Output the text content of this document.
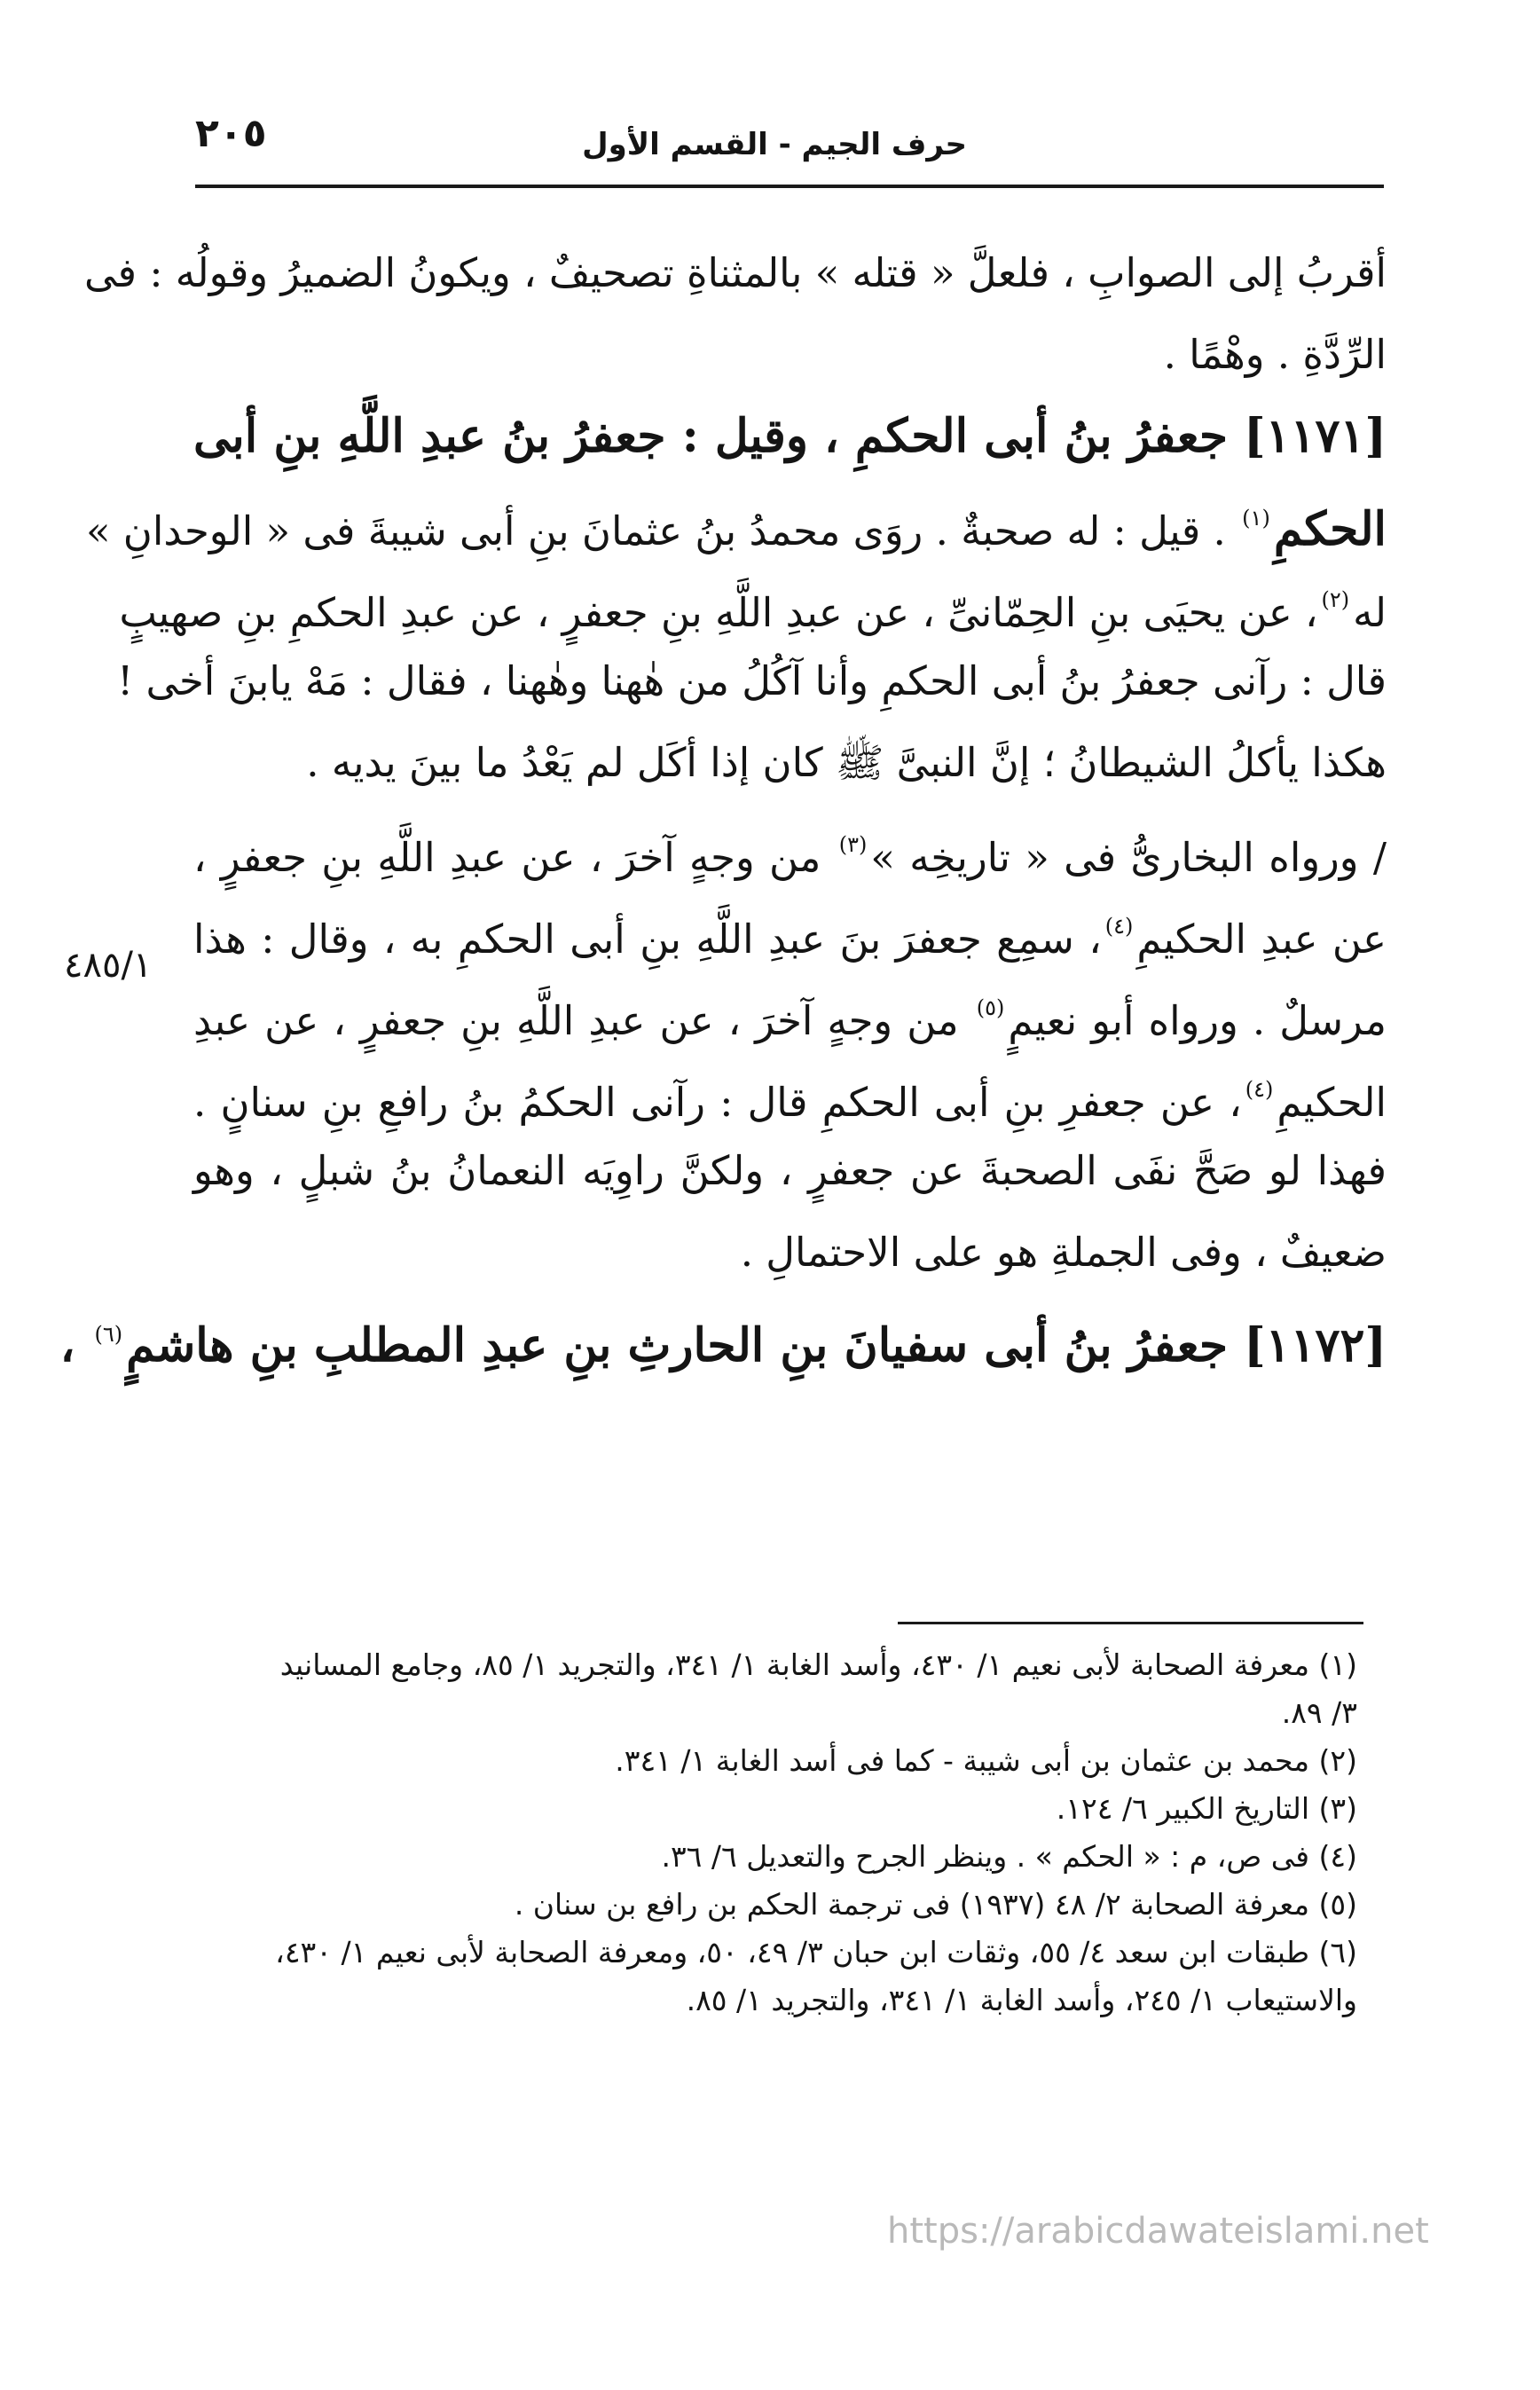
٢٠٥	حرف الجيم - القسم الأول
أقربُ إلى الصوابِ ، فلعلَّ « قتله » بالمثناةِ تصحيفٌ ، ويكونُ الضميرُ وقولُه : فى
الرِّدَّةِ . وهْمًا .
[١١٧١] جعفرُ بنُ أبى الحكمِ ، وقيل : جعفرُ بنُ عبدِ اللَّهِ بنِ أبى
الحكمِ$^{(١)}$ . قيل : له صحبةٌ . روَى محمدُ بنُ عثمانَ بنِ أبى شيبةَ فى « الوحدانِ »
له$^{(٢)}$، عن يحيَى بنِ الحِمّانىِّ ، عن عبدِ اللَّهِ بنِ جعفرٍ ، عن عبدِ الحكمِ بنِ صهيبٍ
قال : رآنى جعفرُ بنُ أبى الحكمِ وأنا آكُلُ من هٰهنا وهٰهنا ، فقال : مَهْ يابنَ أخى !
هكذا يأكلُ الشيطانُ ؛ إنَّ النبىَّ ﷺ كان إذا أكَل لم يَعْدُ ما بينَ يديه .
/ ورواه البخارىُّ فى « تاريخِه »$^{(٣)}$ من وجهٍ آخرَ ، عن عبدِ اللَّهِ بنِ جعفرٍ ،
عن عبدِ الحكيمِ$^{(٤)}$، سمِع جعفرَ بنَ عبدِ اللَّهِ بنِ أبى الحكمِ به ، وقال : هذا
مرسلٌ . ورواه أبو نعيمٍ$^{(٥)}$ من وجهٍ آخرَ ، عن عبدِ اللَّهِ بنِ جعفرٍ ، عن عبدِ
الحكيمِ$^{(٤)}$، عن جعفرِ بنِ أبى الحكمِ قال : رآنى الحكمُ بنُ رافعِ بنِ سنانٍ .
فهذا لو صَحَّ نفَى الصحبةَ عن جعفرٍ ، ولكنَّ راوِيَه النعمانُ بنُ شبلٍ ، وهو
ضعيفٌ ، وفى الجملةِ هو على الاحتمالِ .
[١١٧٢] جعفرُ بنُ أبى سفيانَ بنِ الحارثِ بنِ عبدِ المطلبِ بنِ هاشمٍ$^{(٦)}$ ،
٤٨٥/١
(١) معرفة الصحابة لأبى نعيم ١/ ٤٣٠، وأسد الغابة ١/ ٣٤١، والتجريد ١/ ٨٥، وجامع المسانيد
٣/ ٨٩.
(٢) محمد بن عثمان بن أبى شيبة - كما فى أسد الغابة ١/ ٣٤١.
(٣) التاريخ الكبير ٦/ ١٢٤.
(٤) فى ص، م : « الحكم » . وينظر الجرح والتعديل ٦/ ٣٦.
(٥) معرفة الصحابة ٢/ ٤٨ (١٩٣٧) فى ترجمة الحكم بن رافع بن سنان .
(٦) طبقات ابن سعد ٤/ ٥٥، وثقات ابن حبان ٣/ ٤٩، ٥٠، ومعرفة الصحابة لأبى نعيم ١/ ٤٣٠،
والاستيعاب ١/ ٢٤٥، وأسد الغابة ١/ ٣٤١، والتجريد ١/ ٨٥.
https://arabicdawateislami.net
